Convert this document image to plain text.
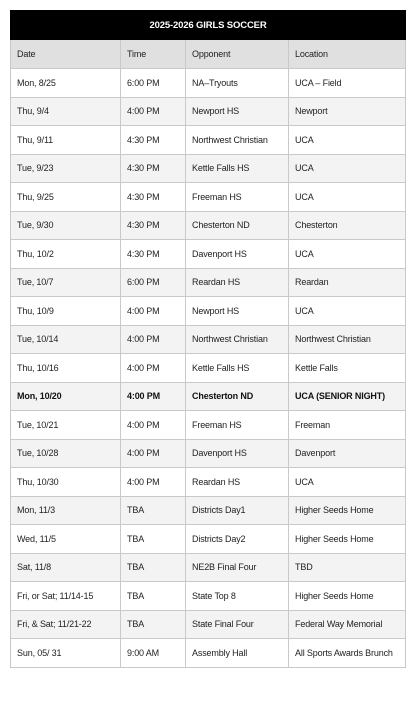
2025-2026 GIRLS SOCCER			
Date	Time	Opponent	Location
Mon, 8/25	6:00 PM	NA–Tryouts	UCA – Field
Thu, 9/4	4:00 PM	Newport HS	Newport
Thu, 9/11	4:30 PM	Northwest Christian	UCA
Tue, 9/23	4:30 PM	Kettle Falls HS	UCA
Thu, 9/25	4:30 PM	Freeman HS	UCA
Tue, 9/30	4:30 PM	Chesterton ND	Chesterton
Thu, 10/2	4:30 PM	Davenport HS	UCA
Tue, 10/7	6:00 PM	Reardan HS	Reardan
Thu, 10/9	4:00 PM	Newport HS	UCA
Tue, 10/14	4:00 PM	Northwest Christian	Northwest Christian
Thu, 10/16	4:00 PM	Kettle Falls HS	Kettle Falls
Mon, 10/20	4:00 PM	Chesterton ND	UCA (SENIOR NIGHT)
Tue, 10/21	4:00 PM	Freeman HS	Freeman
Tue, 10/28	4:00 PM	Davenport HS	Davenport
Thu, 10/30	4:00 PM	Reardan HS	UCA
Mon, 11/3	TBA	Districts Day1	Higher Seeds Home
Wed, 11/5	TBA	Districts Day2	Higher Seeds Home
Sat, 11/8	TBA	NE2B Final Four	TBD
Fri, or Sat; 11/14-15	TBA	State Top 8	Higher Seeds Home
Fri, & Sat; 11/21-22	TBA	State Final Four	Federal Way Memorial
Sun, 05/ 31	9:00 AM	Assembly Hall	All Sports Awards Brunch
